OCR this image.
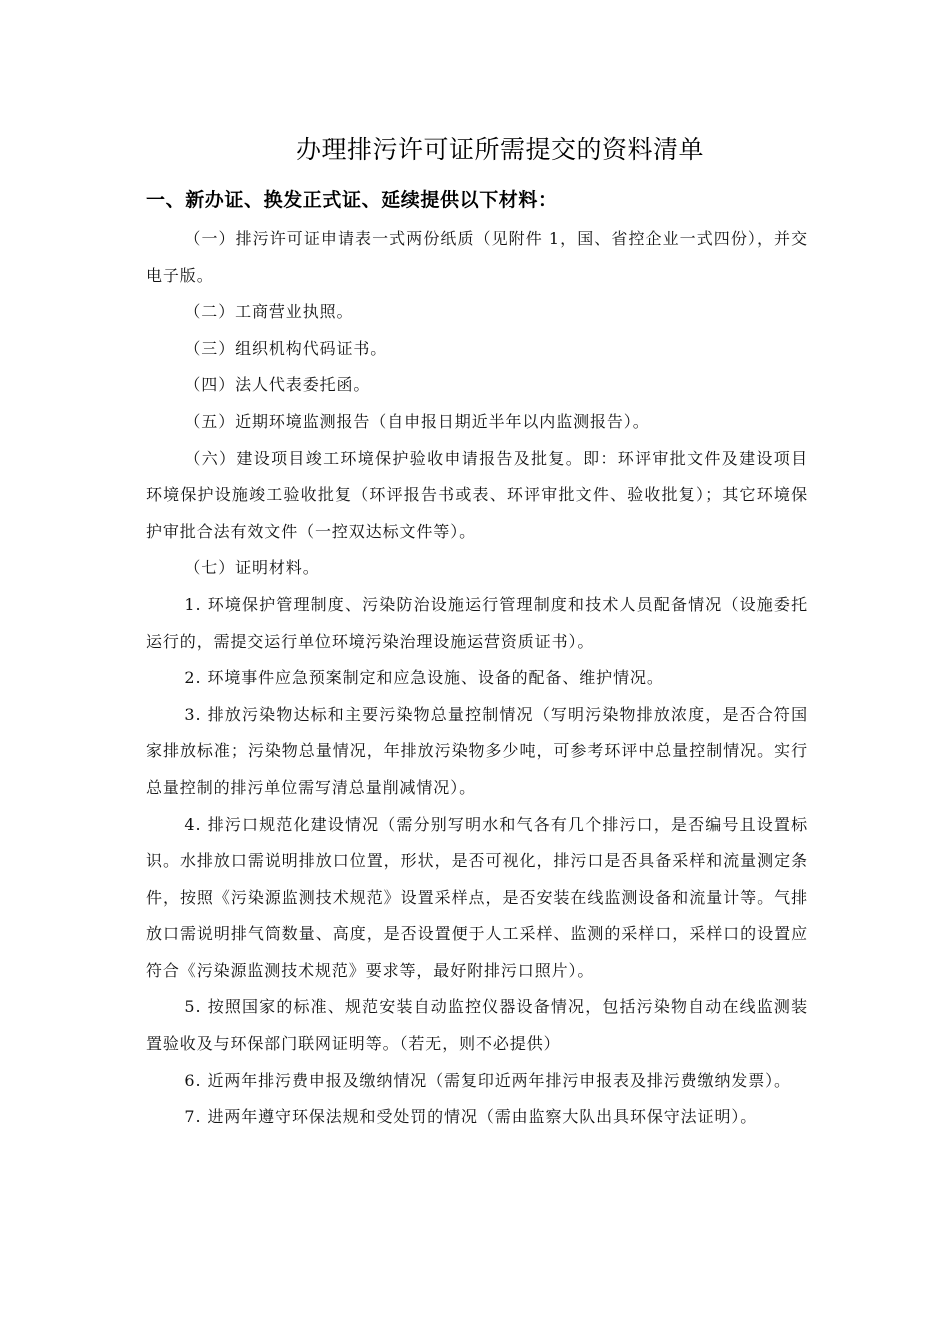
办理排污许可证所需提交的资料清单
一、新办证、换发正式证、延续提供以下材料：

（一）排污许可证申请表一式两份纸质（见附件 1，国、省控企业一式四份），并交电子版。

（二）工商营业执照。

（三）组织机构代码证书。

（四）法人代表委托函。

（五）近期环境监测报告（自申报日期近半年以内监测报告）。

（六）建设项目竣工环境保护验收申请报告及批复。即：环评审批文件及建设项目环境保护设施竣工验收批复（环评报告书或表、环评审批文件、验收批复）；其它环境保护审批合法有效文件（一控双达标文件等）。

（七）证明材料。

1. 环境保护管理制度、污染防治设施运行管理制度和技术人员配备情况（设施委托运行的，需提交运行单位环境污染治理设施运营资质证书）。

2. 环境事件应急预案制定和应急设施、设备的配备、维护情况。

3. 排放污染物达标和主要污染物总量控制情况（写明污染物排放浓度，是否合符国家排放标准；污染物总量情况，年排放污染物多少吨，可参考环评中总量控制情况。实行总量控制的排污单位需写清总量削减情况）。

4. 排污口规范化建设情况（需分别写明水和气各有几个排污口，是否编号且设置标识。水排放口需说明排放口位置，形状，是否可视化，排污口是否具备采样和流量测定条件，按照《污染源监测技术规范》设置采样点，是否安装在线监测设备和流量计等。气排放口需说明排气筒数量、高度，是否设置便于人工采样、监测的采样口，采样口的设置应符合《污染源监测技术规范》要求等，最好附排污口照片）。

5. 按照国家的标准、规范安装自动监控仪器设备情况，包括污染物自动在线监测装置验收及与环保部门联网证明等。（若无，则不必提供）

6. 近两年排污费申报及缴纳情况（需复印近两年排污申报表及排污费缴纳发票）。

7. 进两年遵守环保法规和受处罚的情况（需由监察大队出具环保守法证明）。
